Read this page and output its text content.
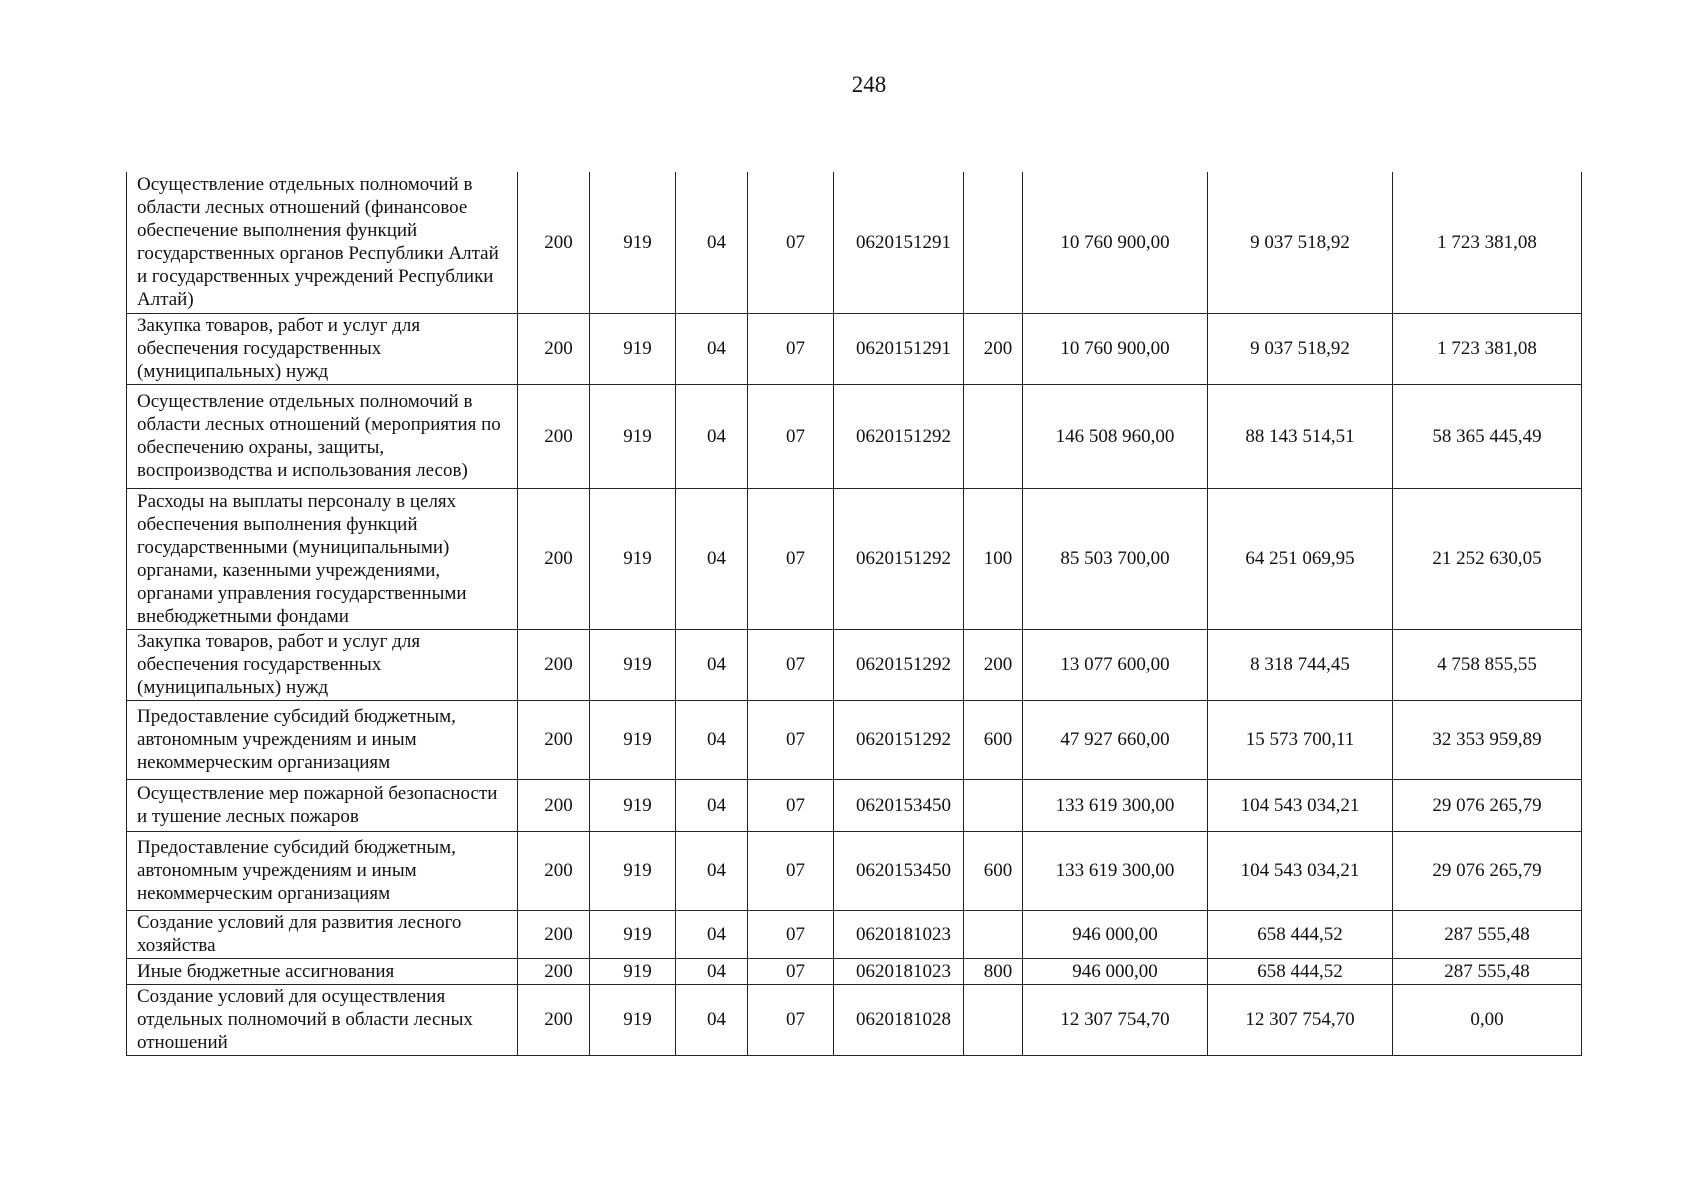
248
Осуществление отдельных полномочий в области лесных отношений (финансовое обеспечение выполнения функций государственных органов Республики Алтай и государственных учреждений Республики Алтай)	200	919	04	07	0620151291		10 760 900,00	9 037 518,92	1 723 381,08
Закупка товаров, работ и услуг для обеспечения государственных (муниципальных) нужд	200	919	04	07	0620151291	200	10 760 900,00	9 037 518,92	1 723 381,08
Осуществление отдельных полномочий в области лесных отношений (мероприятия по обеспечению охраны, защиты, воспроизводства и использования лесов)	200	919	04	07	0620151292		146 508 960,00	88 143 514,51	58 365 445,49
Расходы на выплаты персоналу в целях обеспечения выполнения функций государственными (муниципальными) органами, казенными учреждениями, органами управления государственными внебюджетными фондами	200	919	04	07	0620151292	100	85 503 700,00	64 251 069,95	21 252 630,05
Закупка товаров, работ и услуг для обеспечения государственных (муниципальных) нужд	200	919	04	07	0620151292	200	13 077 600,00	8 318 744,45	4 758 855,55
Предоставление субсидий бюджетным, автономным учреждениям и иным некоммерческим организациям	200	919	04	07	0620151292	600	47 927 660,00	15 573 700,11	32 353 959,89
Осуществление мер пожарной безопасности и тушение лесных пожаров	200	919	04	07	0620153450		133 619 300,00	104 543 034,21	29 076 265,79
Предоставление субсидий бюджетным, автономным учреждениям и иным некоммерческим организациям	200	919	04	07	0620153450	600	133 619 300,00	104 543 034,21	29 076 265,79
Создание условий для развития лесного хозяйства	200	919	04	07	0620181023		946 000,00	658 444,52	287 555,48
Иные бюджетные ассигнования	200	919	04	07	0620181023	800	946 000,00	658 444,52	287 555,48
Создание условий для осуществления отдельных полномочий в области лесных отношений	200	919	04	07	0620181028		12 307 754,70	12 307 754,70	0,00
